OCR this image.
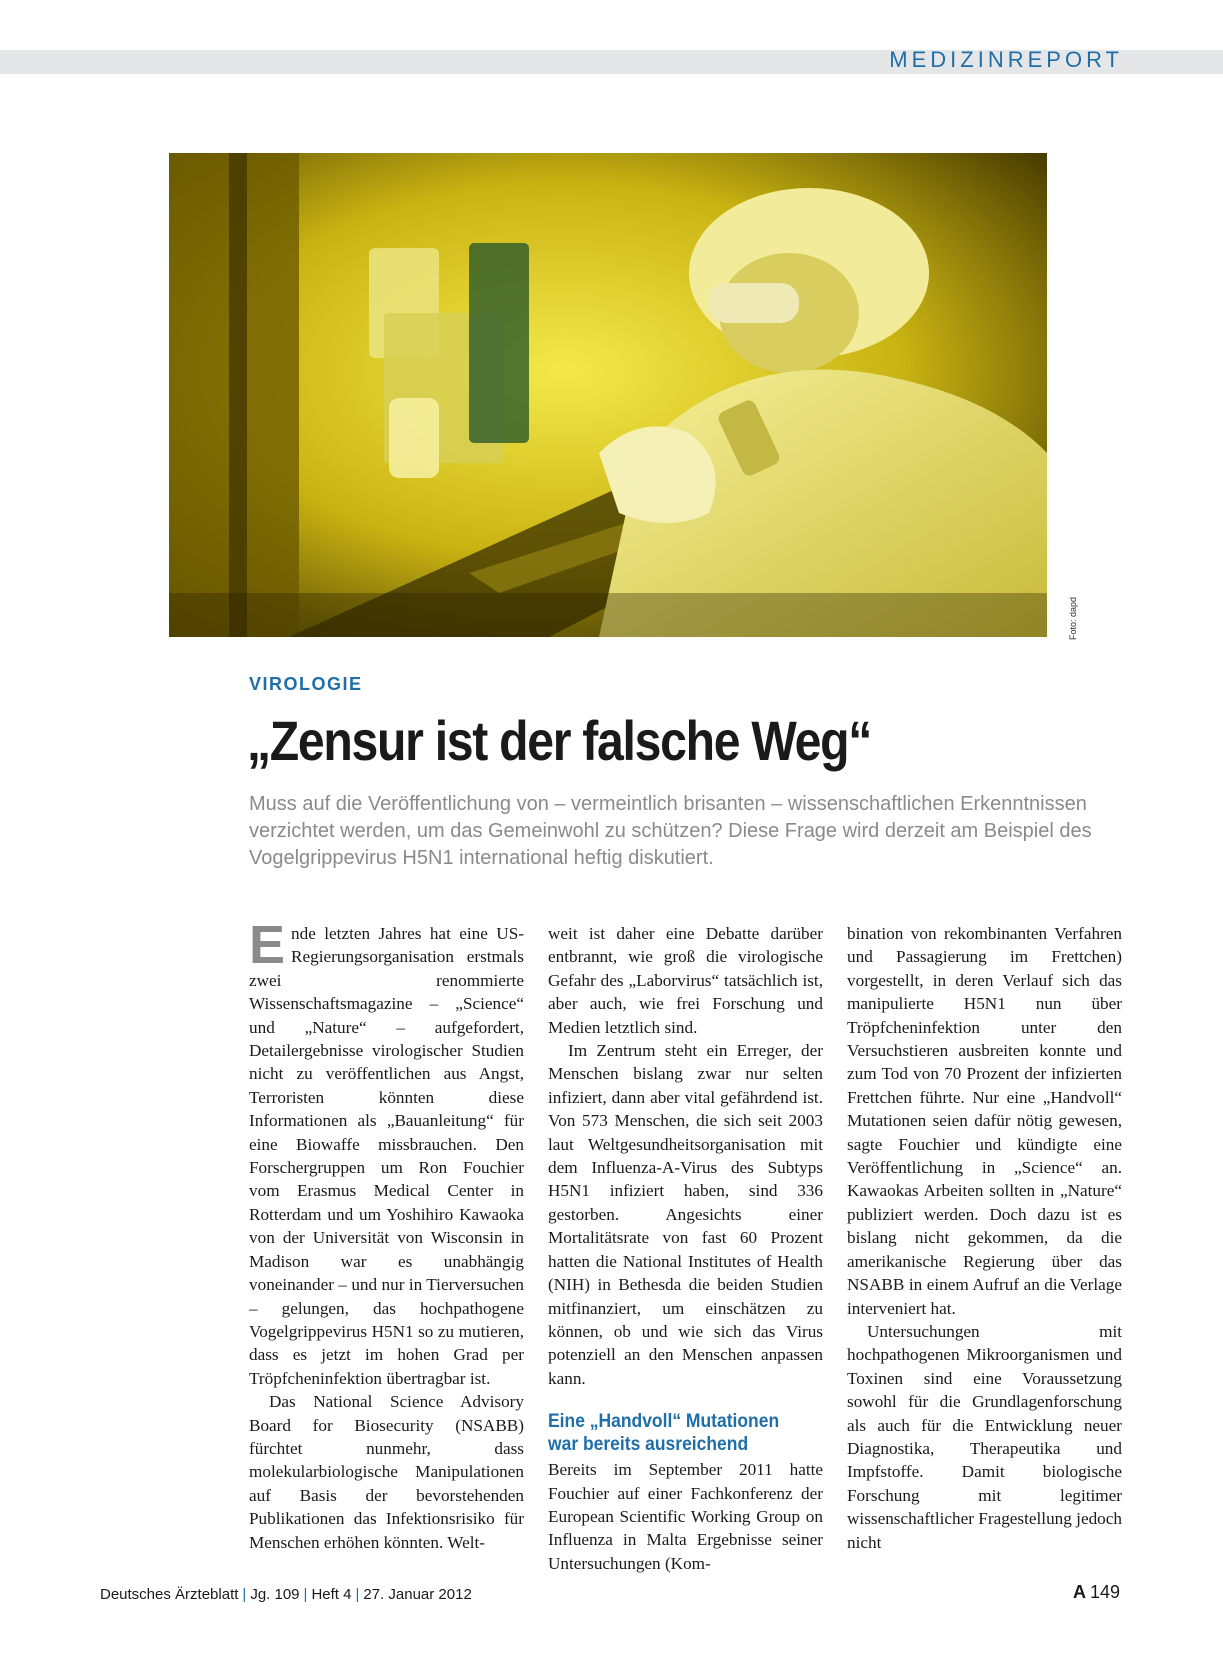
MEDIZINREPORT
Foto: dapd
VIROLOGIE
„Zensur ist der falsche Weg“
Muss auf die Veröffentlichung von – vermeintlich brisanten – wissenschaftlichen Erkenntnissen verzichtet werden, um das Gemeinwohl zu schützen? Diese Frage wird derzeit am Beispiel des Vogelgrippevirus H5N1 international heftig diskutiert.

Ende letzten Jahres hat eine US-Regierungsorganisation erstmals zwei renommierte Wissenschaftsmagazine – „Science“ und „Nature“ – aufgefordert, Detailergebnisse virologischer Studien nicht zu veröffentlichen aus Angst, Terroristen könnten diese Informationen als „Bauanleitung“ für eine Biowaffe missbrauchen. Den Forschergruppen um Ron Fouchier vom Erasmus Medical Center in Rotterdam und um Yoshihiro Kawaoka von der Universität von Wisconsin in Madison war es unabhängig voneinander – und nur in Tierversuchen – gelungen, das hochpathogene Vogelgrippevirus H5N1 so zu mutieren, dass es jetzt im hohen Grad per Tröpfcheninfektion übertragbar ist.

Das National Science Advisory Board for Biosecurity (NSABB) fürchtet nunmehr, dass molekularbiologische Manipulationen auf Basis der bevorstehenden Publikationen das Infektionsrisiko für Menschen erhöhen könnten. Welt-

weit ist daher eine Debatte darüber entbrannt, wie groß die virologische Gefahr des „Laborvirus“ tatsächlich ist, aber auch, wie frei Forschung und Medien letztlich sind.

Im Zentrum steht ein Erreger, der Menschen bislang zwar nur selten infiziert, dann aber vital gefährdend ist. Von 573 Menschen, die sich seit 2003 laut Weltgesundheitsorganisation mit dem Influenza-A-Virus des Subtyps H5N1 infiziert haben, sind 336 gestorben. Angesichts einer Mortalitätsrate von fast 60 Prozent hatten die National Institutes of Health (NIH) in Bethesda die beiden Studien mitfinanziert, um einschätzen zu können, ob und wie sich das Virus potenziell an den Menschen anpassen kann.

Eine „Handvoll“ Mutationen war bereits ausreichend

Bereits im September 2011 hatte Fouchier auf einer Fachkonferenz der European Scientific Working Group on Influenza in Malta Ergebnisse seiner Untersuchungen (Kom-

bination von rekombinanten Verfahren und Passagierung im Frettchen) vorgestellt, in deren Verlauf sich das manipulierte H5N1 nun über Tröpfcheninfektion unter den Versuchstieren ausbreiten konnte und zum Tod von 70 Prozent der infizierten Frettchen führte. Nur eine „Handvoll“ Mutationen seien dafür nötig gewesen, sagte Fouchier und kündigte eine Veröffentlichung in „Science“ an. Kawaokas Arbeiten sollten in „Nature“ publiziert werden. Doch dazu ist es bislang nicht gekommen, da die amerikanische Regierung über das NSABB in einem Aufruf an die Verlage interveniert hat.

Untersuchungen mit hochpathogenen Mikroorganismen und Toxinen sind eine Voraussetzung sowohl für die Grundlagenforschung als auch für die Entwicklung neuer Diagnostika, Therapeutika und Impfstoffe. Damit biologische Forschung mit legitimer wissenschaftlicher Fragestellung jedoch nicht

Deutsches Ärzteblatt | Jg. 109 | Heft 4 | 27. Januar 2012	A 149
